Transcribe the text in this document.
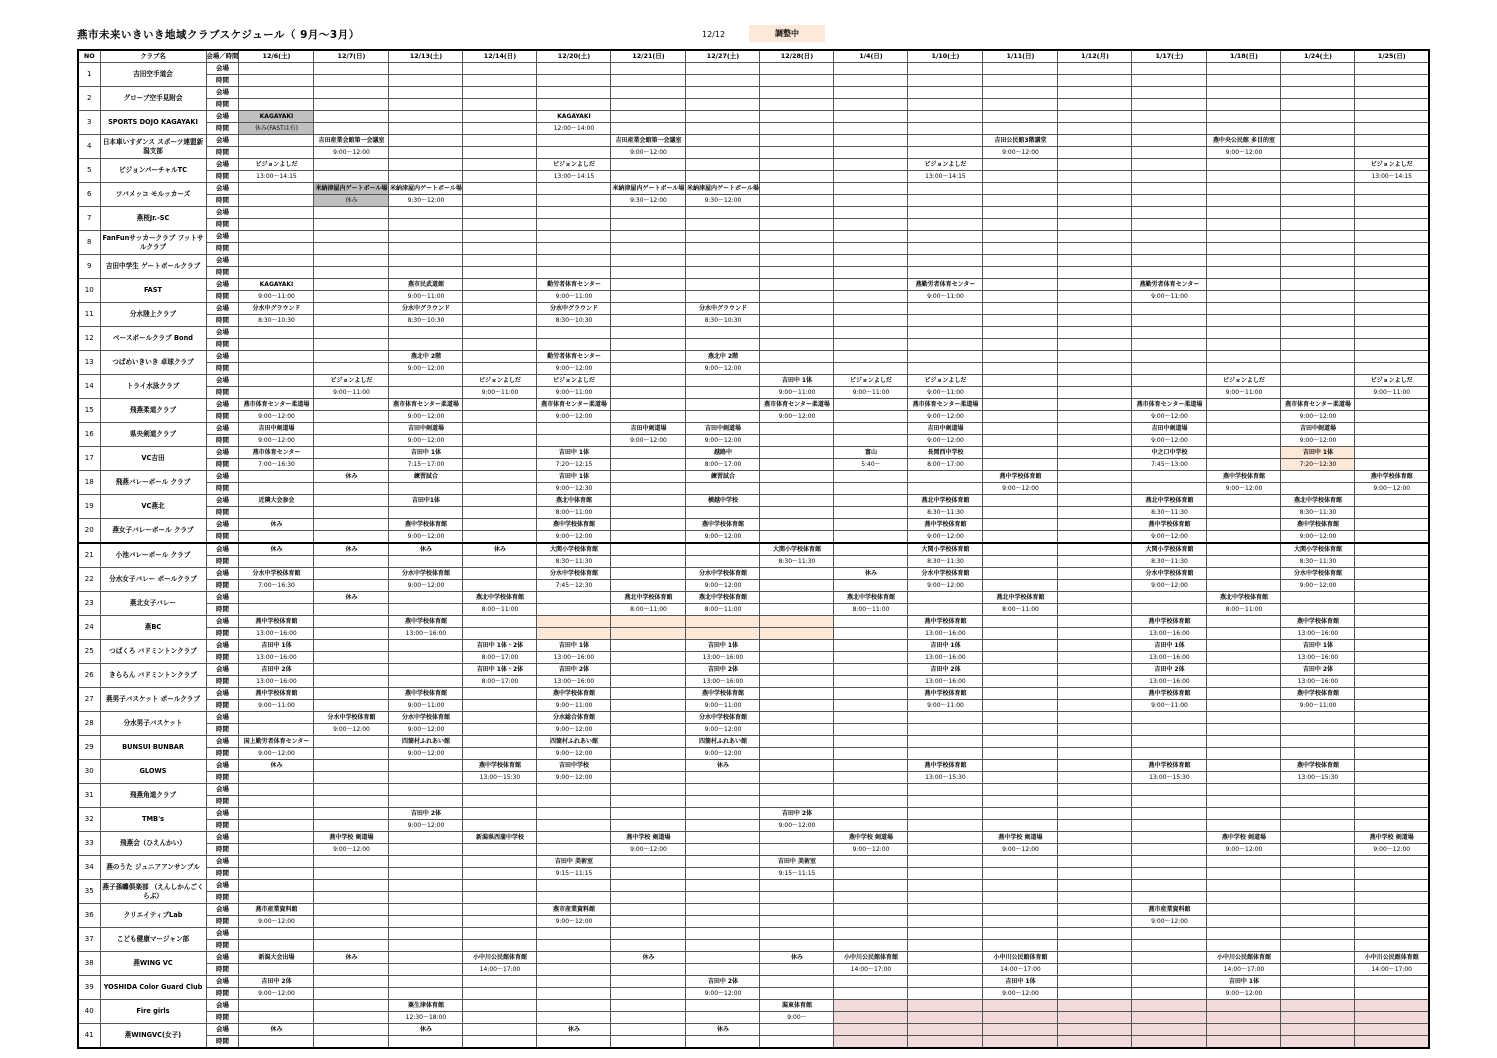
燕市未来いきいき地域クラブスケジュール（ 9月～3月）	12/12	調整中
NO	クラブ名	会場／時間	12/6(土)	12/7(日)	12/13(土)	12/14(日)	12/20(土)	12/21(日)	12/27(土)	12/28(日)	1/4(日)	1/10(土)	1/11(日)	1/12(月)	1/17(土)	1/18(日)	1/24(土)	1/25(日)
1	吉田空手道会	会場																
		時間																
2	グローブ空手見附会	会場																
		時間																
3	SPORTS DOJO KAGAYAKI	会場	KAGAYAKI				KAGAYAKI											
		時間	休み(FASTは有)				12:00～14:00											
4	日本車いすダンス スポーツ連盟新潟支部	会場		吉田産業会館第一会議室				吉田産業会館第一会議室					吉田公民館3階講堂			燕中央公民館 多目的室		
		時間		9:00～12:00				9:00～12:00					9:00～12:00			9:00～12:00		
5	ビジョンパーチャルTC	会場	ビジョンよしだ				ビジョンよしだ					ビジョンよしだ						ビジョンよしだ
		時間	13:00～14:15				13:00～14:15					13:00～14:15						13:00～14:15
6	ツバメッコ モルッカーズ	会場		米納津屋内ゲートボール場	米納津屋内ゲートボール場			米納津屋内ゲートボール場	米納津屋内ゲートボール場									
		時間		休み	9:30～12:00			9:30～12:00	9:30～12:00									
7	燕桜Jr.-SC	会場																
		時間																
8	FanFunサッカークラブ フットサルクラブ	会場																
		時間																
9	吉田中学生 ゲートボールクラブ	会場																
		時間																
10	FAST	会場	KAGAYAKI		燕市民武道館		勤労者体育センター					燕勤労者体育センター			燕勤労者体育センター			
		時間	9:00～11:00		9:00～11:00		9:00～11:00					9:00～11:00			9:00～11:00			
11	分水陸上クラブ	会場	分水中グラウンド		分水中グラウンド		分水中グラウンド		分水中グラウンド									
		時間	8:30～10:30		8:30～10:30		8:30～10:30		8:30～10:30									
12	ベースボールクラブ Bond	会場																
		時間																
13	つばめいきいき 卓球クラブ	会場			燕北中 2階		勤労者体育センター		燕北中 2階									
		時間			9:00～12:00		9:00～12:00		9:00～12:00									
14	トライ水泳クラブ	会場		ビジョンよしだ		ビジョンよしだ	ビジョンよしだ			吉田中 1体	ビジョンよしだ	ビジョンよしだ				ビジョンよしだ		ビジョンよしだ
		時間		9:00～11:00		9:00～11:00	9:00～11:00			9:00～11:00	9:00～11:00	9:00～11:00				9:00～11:00		9:00～11:00
15	飛燕柔道クラブ	会場	燕市体育センター柔道場		燕市体育センター柔道場		燕市体育センター柔道場			燕市体育センター柔道場		燕市体育センター柔道場			燕市体育センター柔道場		燕市体育センター柔道場	
		時間	9:00～12:00		9:00～12:00		9:00～12:00			9:00～12:00		9:00～12:00			9:00～12:00		9:00～12:00	
16	県央剣道クラブ	会場	吉田中剣道場		吉田中剣道場			吉田中剣道場	吉田中剣道場			吉田中剣道場			吉田中剣道場		吉田中剣道場	
		時間	9:00～12:00		9:00～12:00			9:00～12:00	9:00～12:00			9:00～12:00			9:00～12:00		9:00～12:00	
17	VC吉田	会場	燕市体育センター		吉田中 1体		吉田中 1体		越路中		富山	長岡西中学校			中之口中学校		吉田中 1体	
		時間	7:00～16:30		7:15～17:00		7:20～12:15		8:00～17:00		5:40～	8:00～17:00			7:45～13:00		7:20～12:30	
18	飛燕バレーボール クラブ	会場		休み	練習試合		吉田中 1体		練習試合				燕中学校体育館			燕中学校体育館		燕中学校体育館
		時間					9:00～12:30						9:00～12:00			9:00～12:00		9:00～12:00
19	VC燕北	会場	近隣大会参会		吉田中1体		燕北中体育館		横越中学校			燕北中学校体育館			燕北中学校体育館		燕北中学校体育館	
		時間					8:00～11:00					8:30～11:30			8:30～11:30		8:30～11:30	
20	燕女子バレーボール クラブ	会場	休み		燕中学校体育館		燕中学校体育館		燕中学校体育館			燕中学校体育館			燕中学校体育館		燕中学校体育館	
		時間			9:00～12:00		9:00～12:00		9:00～12:00			9:00～12:00			9:00～12:00		9:00～12:00	
21	小池バレーボール クラブ	会場	休み	休み	休み	休み	大関小学校体育館			大関小学校体育館		大関小学校体育館			大関小学校体育館		大関小学校体育館	
		時間					8:30～11:30			8:30～11:30		8:30～11:30			8:30～11:30		8:30～11:30	
22	分水女子バレー ボールクラブ	会場	分水中学校体育館		分水中学校体育館		分水中学校体育館		分水中学校体育館		休み	分水中学校体育館			分水中学校体育館		分水中学校体育館	
		時間	7:00～16:30		9:00～12:00		7:45～12:30		9:00～12:00			9:00～12:00			9:00～12:00		9:00～12:00	
23	燕北女子バレー	会場		休み		燕北中学校体育館		燕北中学校体育館	燕北中学校体育館		燕北中学校体育館		燕北中学校体育館			燕北中学校体育館		
		時間				8:00～11:00		8:00～11:00	8:00～11:00		8:00～11:00		8:00～11:00			8:00～11:00		
24	燕BC	会場	燕中学校体育館		燕中学校体育館							燕中学校体育館			燕中学校体育館		燕中学校体育館	
		時間	13:00～16:00		13:00～16:00							13:00～16:00			13:00～16:00		13:00～16:00	
25	つばくろ バドミントンクラブ	会場	吉田中 1体			吉田中 1体・2体	吉田中 1体		吉田中 1体			吉田中 1体			吉田中 1体		吉田中 1体	
		時間	13:00～16:00			8:00～17:00	13:00～16:00		13:00～16:00			13:00～16:00			13:00～16:00		13:00～16:00	
26	きららん バドミントンクラブ	会場	吉田中 2体			吉田中 1体・2体	吉田中 2体		吉田中 2体			吉田中 2体			吉田中 2体		吉田中 2体	
		時間	13:00～16:00			8:00～17:00	13:00～16:00		13:00～16:00			13:00～16:00			13:00～16:00		13:00～16:00	
27	燕男子バスケット ボールクラブ	会場	燕中学校体育館		燕中学校体育館		燕中学校体育館		燕中学校体育館			燕中学校体育館			燕中学校体育館		燕中学校体育館	
		時間	9:00～11:00		9:00～11:00		9:00～11:00		9:00～11:00			9:00～11:00			9:00～11:00		9:00～11:00	
28	分水男子バスケット	会場		分水中学校体育館	分水中学校体育館		分水総合体育館		分水中学校体育館									
		時間		9:00～12:00	9:00～12:00		9:00～12:00		9:00～12:00									
29	BUNSUI BUNBAR	会場	国上勤労者体育センター		四箇村ふれあい館		四箇村ふれあい館		四箇村ふれあい館									
		時間	9:00～12:00		9:00～12:00		9:00～12:00		9:00～12:00									
30	GLOWS	会場	休み			燕中学校体育館	吉田中学校		休み			燕中学校体育館			燕中学校体育館		燕中学校体育館	
		時間				13:00～15:30	9:00～12:00					13:00～15:30			13:00～15:30		13:00～15:30	
31	飛燕角道クラブ	会場																
		時間																
32	TMB's	会場			吉田中 2体					吉田中 2体								
		時間			9:00～12:00					9:00～12:00								
33	飛燕会（ひえんかい）	会場		燕中学校 剣道場		新潟県西蒲中学校		燕中学校 剣道場			燕中学校 剣道場		燕中学校 剣道場			燕中学校 剣道場		燕中学校 剣道場
		時間		9:00～12:00				9:00～12:00			9:00～12:00		9:00～12:00			9:00～12:00		9:00～12:00
34	燕のうた ジュニアアンサンブル	会場					吉田中 美術室			吉田中 美術室								
		時間					9:15～11:15			9:15～11:15								
35	燕子孫囃倶楽部 （えんしかんごくらぶ）	会場																
		時間																
36	クリエイティブLab	会場	燕市産業資料館				燕市産業資料館								燕市産業資料館			
		時間	9:00～12:00				9:00～12:00								9:00～12:00			
37	こども健康マージャン部	会場																
		時間																
38	燕WING VC	会場	新潟大会出場	休み		小中川公民館体育館		休み		休み	小中川公民館体育館		小中川公民館体育館			小中川公民館体育館		小中川公民館体育館
		時間				14:00～17:00					14:00～17:00		14:00～17:00			14:00～17:00		14:00～17:00
39	YOSHIDA Color Guard Club	会場	吉田中 2体						吉田中 2体				吉田中 1体			吉田中 1体		
		時間	9:00～12:00						9:00～12:00				9:00～12:00			9:00～12:00		
40	Fire girls	会場			粟生津体育館					潟東体育館								
		時間			12:30～18:00					9:00～								
41	燕WINGVC(女子)	会場	休み		休み		休み		休み									
		時間																
